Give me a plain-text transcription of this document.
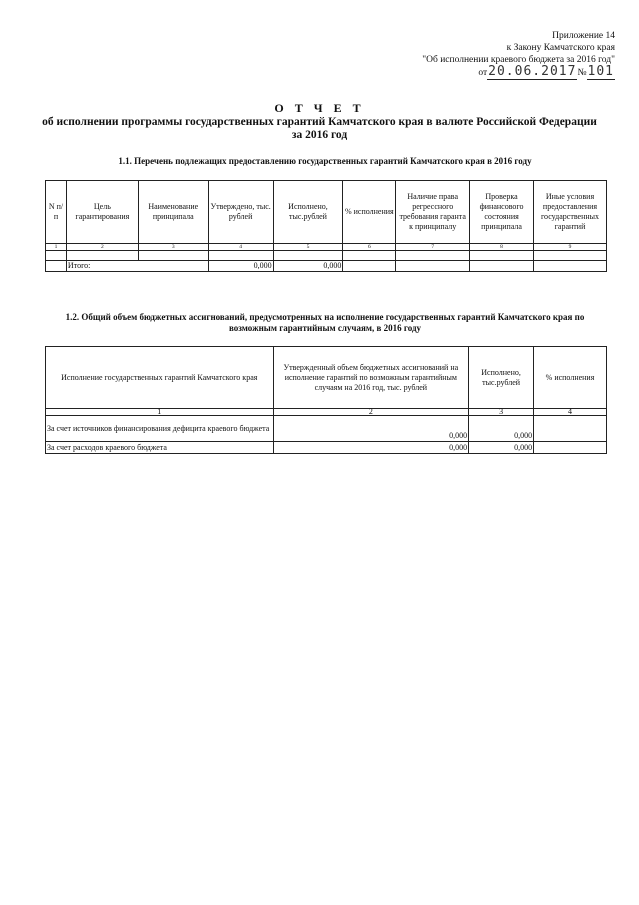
Приложение 14
к Закону Камчатского края
"Об исполнении краевого бюджета за 2016 год"
от20.06.2017№101
О Т Ч Е Т
об исполнении программы государственных гарантий Камчатского края в валюте Российской Федерации
за 2016 год
1.1. Перечень подлежащих предоставлению государственных гарантий Камчатского края в 2016 году
N п/п	Цель гарантирования	Наименование принципала	Утверждено, тыс. рублей	Исполнено, тыс.рублей	% исполнения	Наличие права регрессного требования гаранта к принципалу	Проверка финансового состояния принципала	Иные условия предоставления государственных гарантий
1	2	3	4	5	6	7	8	9

	Итого:		0,000	0,000				
1.2. Общий объем бюджетных ассигнований, предусмотренных на исполнение государственных гарантий Камчатского края по
возможным гарантийным случаям, в 2016 году
Исполнение государственных гарантий Камчатского края	Утвержденный объем бюджетных ассигнований на исполнение гарантий по возможным гарантийным случаям на 2016 год, тыс. рублей	Исполнено, тыс.рублей	% исполнения
1	2	3	4
За счет источников финансирования дефицита краевого бюджета	0,000	0,000	
За счет расходов краевого бюджета	0,000	0,000	
